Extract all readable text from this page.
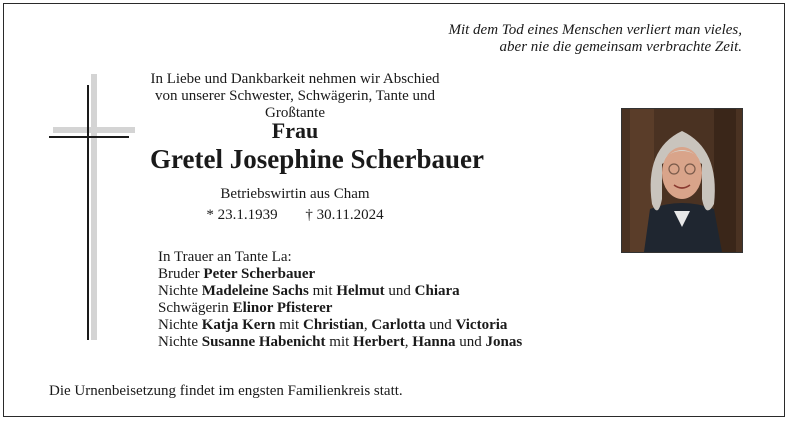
Mit dem Tod eines Menschen verliert man vieles,
aber nie die gemeinsam verbrachte Zeit.
In Liebe und Dankbarkeit nehmen wir Abschied
von unserer Schwester, Schwägerin, Tante und Großtante
Frau
Gretel Josephine Scherbauer
Betriebswirtin aus Cham
* 23.1.1939 † 30.11.2024
In Trauer an Tante La:
Bruder Peter Scherbauer
Nichte Madeleine Sachs mit Helmut und Chiara
Schwägerin Elinor Pfisterer
Nichte Katja Kern mit Christian, Carlotta und Victoria
Nichte Susanne Habenicht mit Herbert, Hanna und Jonas
Die Urnenbeisetzung findet im engsten Familienkreis statt.
